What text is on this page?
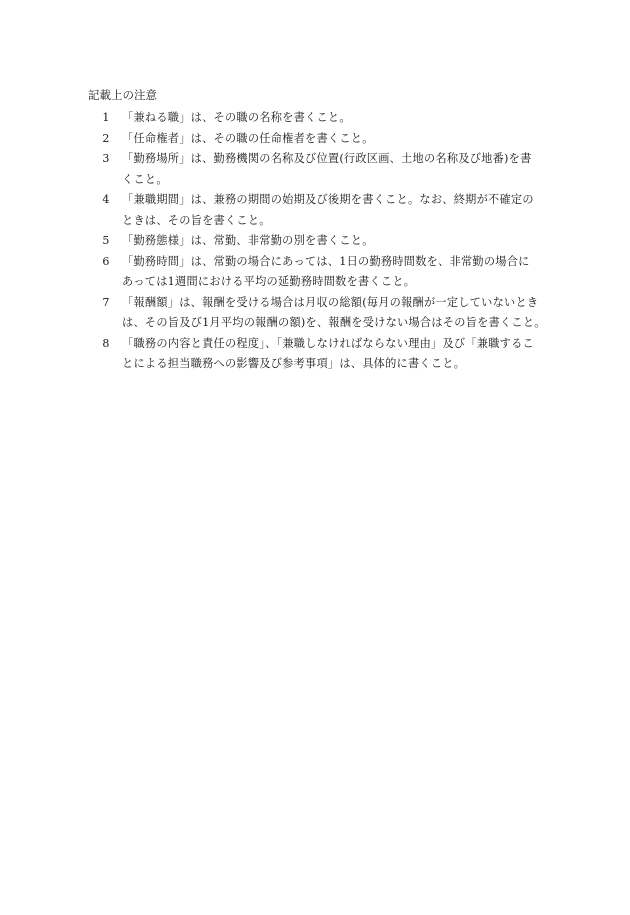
記載上の注意
1	「兼ねる職」は、その職の名称を書くこと。
2	「任命権者」は、その職の任命権者を書くこと。
3	「勤務場所」は、勤務機関の名称及び位置(行政区画、土地の名称及び地番)を書
くこと。
4	「兼職期間」は、兼務の期間の始期及び後期を書くこと。なお、終期が不確定の
ときは、その旨を書くこと。
5	「勤務態様」は、常勤、非常勤の別を書くこと。
6	「勤務時間」は、常勤の場合にあっては、1日の勤務時間数を、非常勤の場合に
あっては1週間における平均の延勤務時間数を書くこと。
7	「報酬額」は、報酬を受ける場合は月収の総額(毎月の報酬が一定していないとき
は、その旨及び1月平均の報酬の額)を、報酬を受けない場合はその旨を書くこと。
8	「職務の内容と責任の程度」、「兼職しなければならない理由」及び「兼職するこ
とによる担当職務への影響及び参考事項」は、具体的に書くこと。
